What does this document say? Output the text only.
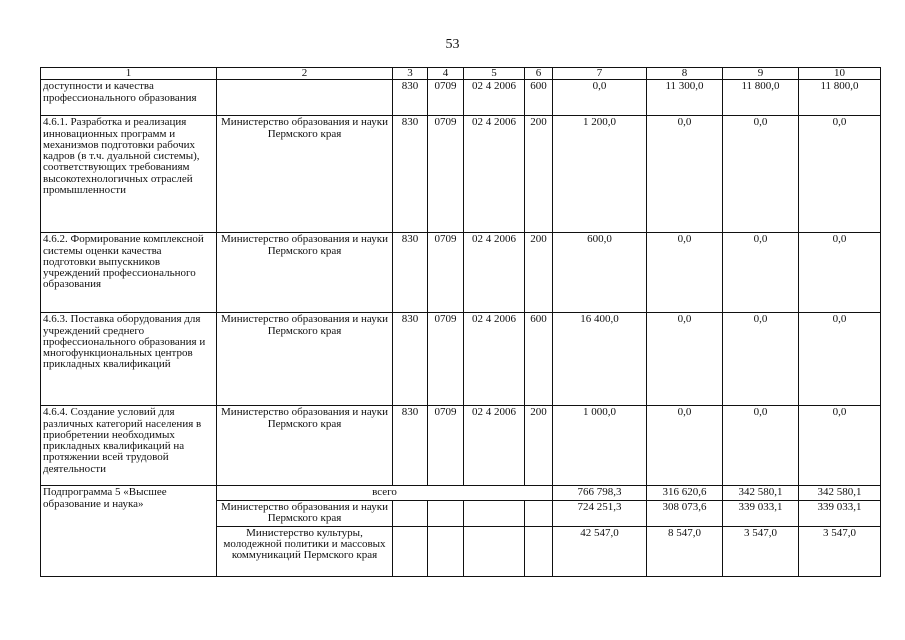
53
1	2	3	4	5	6	7	8	9	10
доступности и качества профессионального образования		830	0709	02 4 2006	600	0,0	11 300,0	11 800,0	11 800,0
4.6.1. Разработка и реализация инновационных программ и механизмов подготовки рабочих кадров (в т.ч. дуальной системы), соответствующих требованиям высокотехнологичных отраслей промышленности	Министерство образования и науки Пермского края	830	0709	02 4 2006	200	1 200,0	0,0	0,0	0,0
4.6.2. Формирование комплексной системы оценки качества подготовки выпускников учреждений профессионального образования	Министерство образования и науки Пермского края	830	0709	02 4 2006	200	600,0	0,0	0,0	0,0
4.6.3. Поставка оборудования для учреждений среднего профессионального образования и многофункциональных центров прикладных квалификаций	Министерство образования и науки Пермского края	830	0709	02 4 2006	600	16 400,0	0,0	0,0	0,0
4.6.4. Создание условий для различных категорий населения в приобретении необходимых прикладных квалификаций на протяжении всей трудовой деятельности	Министерство образования и науки Пермского края	830	0709	02 4 2006	200	1 000,0	0,0	0,0	0,0
Подпрограмма 5 «Высшее образование и наука»	всего					766 798,3	316 620,6	342 580,1	342 580,1
	Министерство образования и науки Пермского края					724 251,3	308 073,6	339 033,1	339 033,1
	Министерство культуры, молодежной политики и массовых коммуникаций Пермского края					42 547,0	8 547,0	3 547,0	3 547,0
